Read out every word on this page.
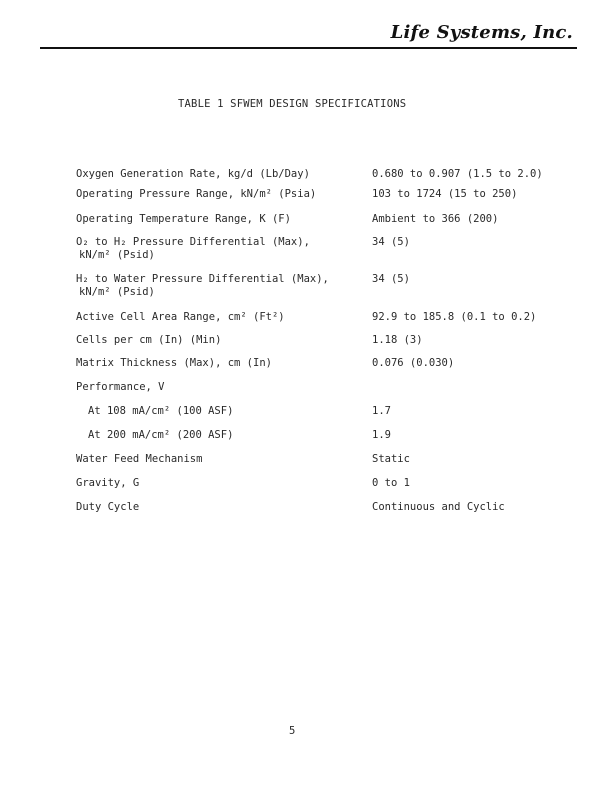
Life Systems, Inc.
TABLE 1 SFWEM DESIGN SPECIFICATIONS
Oxygen Generation Rate, kg/d (Lb/Day)	0.680 to 0.907 (1.5 to 2.0)
Operating Pressure Range, kN/m² (Psia)	103 to 1724 (15 to 250)
Operating Temperature Range, K (F)	Ambient to 366 (200)
O₂ to H₂ Pressure Differential (Max),	34 (5)
kN/m² (Psid)
H₂ to Water Pressure Differential (Max),	34 (5)
kN/m² (Psid)
Active Cell Area Range, cm² (Ft²)	92.9 to 185.8 (0.1 to 0.2)
Cells per cm (In) (Min)	1.18 (3)
Matrix Thickness (Max), cm (In)	0.076 (0.030)
Performance, V
At 108 mA/cm² (100 ASF)	1.7
At 200 mA/cm² (200 ASF)	1.9
Water Feed Mechanism	Static
Gravity, G	0 to 1
Duty Cycle	Continuous and Cyclic
5
